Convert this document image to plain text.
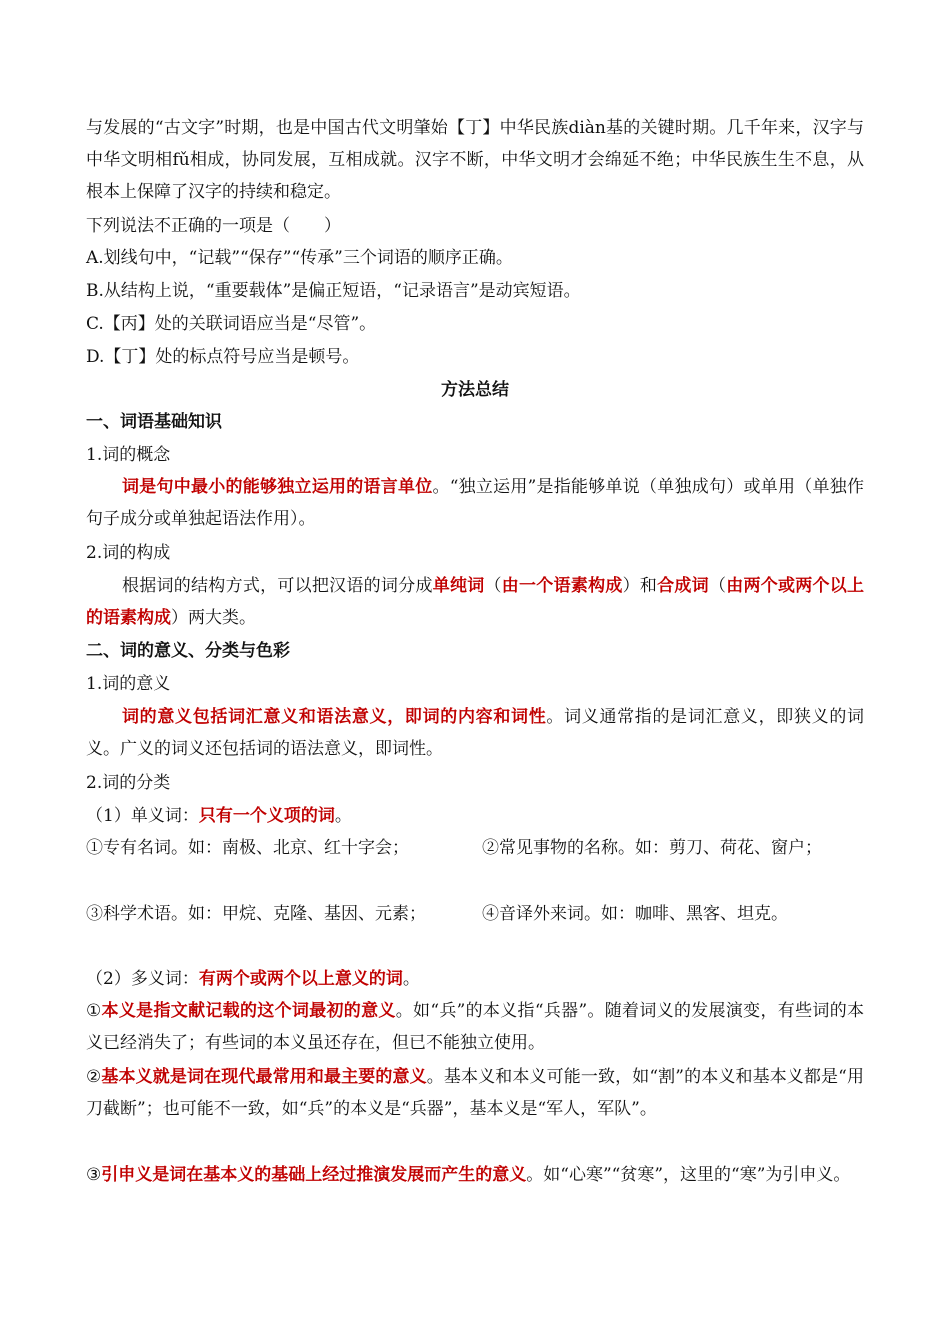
与发展的“古文字”时期，也是中国古代文明肇始【丁】中华民族diàn基的关键时期。几千年来，汉字与中华文明相fǔ相成，协同发展，互相成就。汉字不断，中华文明才会绵延不绝；中华民族生生不息，从根本上保障了汉字的持续和稳定。

下列说法不正确的一项是（　　）

A.划线句中，“记载”“保存”“传承”三个词语的顺序正确。

B.从结构上说，“重要载体”是偏正短语，“记录语言”是动宾短语。

C.【丙】处的关联词语应当是“尽管”。

D.【丁】处的标点符号应当是顿号。

方法总结

一、词语基础知识

1.词的概念

词是句中最小的能够独立运用的语言单位。“独立运用”是指能够单说（单独成句）或单用（单独作句子成分或单独起语法作用）。

2.词的构成

根据词的结构方式，可以把汉语的词分成单纯词（由一个语素构成）和合成词（由两个或两个以上的语素构成）两大类。

二、词的意义、分类与色彩

1.词的意义

词的意义包括词汇意义和语法意义，即词的内容和词性。词义通常指的是词汇意义，即狭义的词义。广义的词义还包括词的语法意义，即词性。

2.词的分类

（1）单义词：只有一个义项的词。

①专有名词。如：南极、北京、红十字会；	②常见事物的名称。如：剪刀、荷花、窗户；

③科学术语。如：甲烷、克隆、基因、元素；	④音译外来词。如：咖啡、黑客、坦克。

（2）多义词：有两个或两个以上意义的词。

①本义是指文献记载的这个词最初的意义。如“兵”的本义指“兵器”。随着词义的发展演变，有些词的本义已经消失了；有些词的本义虽还存在，但已不能独立使用。

②基本义就是词在现代最常用和最主要的意义。基本义和本义可能一致，如“割”的本义和基本义都是“用刀截断”；也可能不一致，如“兵”的本义是“兵器”，基本义是“军人，军队”。

③引申义是词在基本义的基础上经过推演发展而产生的意义。如“心寒”“贫寒”，这里的“寒”为引申义。
